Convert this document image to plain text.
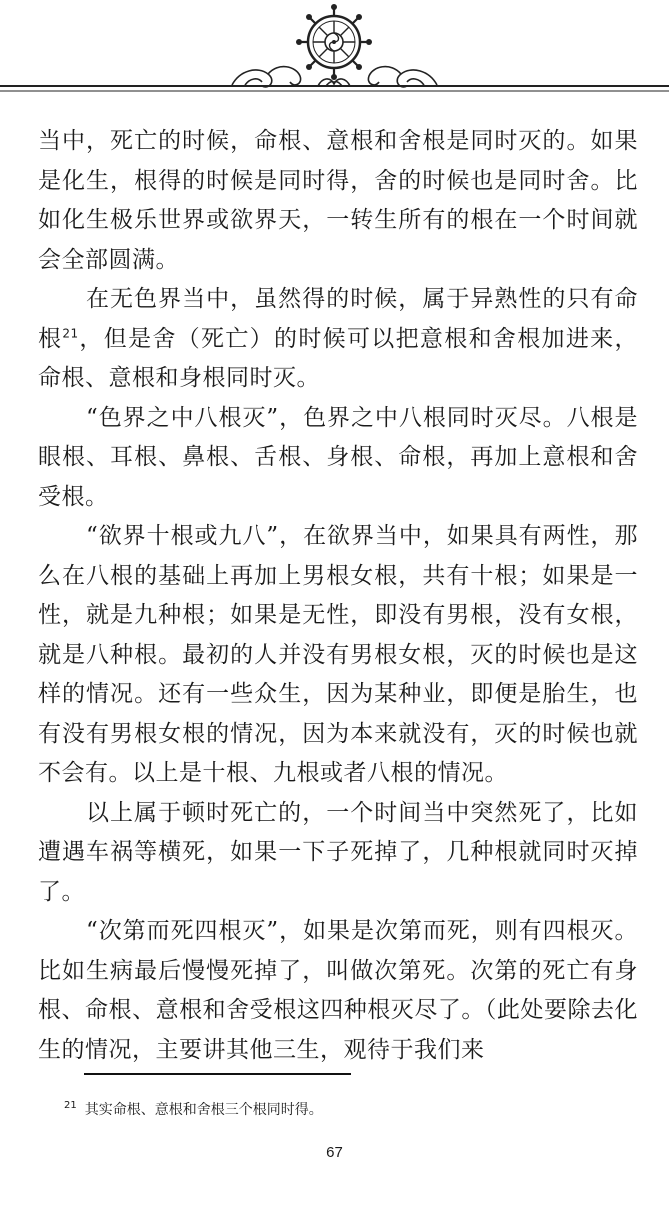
当中，死亡的时候，命根、意根和舍根是同时灭的。如果是化生，根得的时候是同时得，舍的时候也是同时舍。比如化生极乐世界或欲界天，一转生所有的根在一个时间就会全部圆满。

在无色界当中，虽然得的时候，属于异熟性的只有命根$^{21}$，但是舍（死亡）的时候可以把意根和舍根加进来，命根、意根和身根同时灭。

“色界之中八根灭”，色界之中八根同时灭尽。八根是眼根、耳根、鼻根、舌根、身根、命根，再加上意根和舍受根。

“欲界十根或九八”，在欲界当中，如果具有两性，那么在八根的基础上再加上男根女根，共有十根；如果是一性，就是九种根；如果是无性，即没有男根，没有女根，就是八种根。最初的人并没有男根女根，灭的时候也是这样的情况。还有一些众生，因为某种业，即便是胎生，也有没有男根女根的情况，因为本来就没有，灭的时候也就不会有。以上是十根、九根或者八根的情况。

以上属于顿时死亡的，一个时间当中突然死了，比如遭遇车祸等横死，如果一下子死掉了，几种根就同时灭掉了。

“次第而死四根灭”，如果是次第而死，则有四根灭。比如生病最后慢慢死掉了，叫做次第死。次第的死亡有身根、命根、意根和舍受根这四种根灭尽了。（此处要除去化生的情况，主要讲其他三生，观待于我们来

$^{21}$ 其实命根、意根和舍根三个根同时得。
67
